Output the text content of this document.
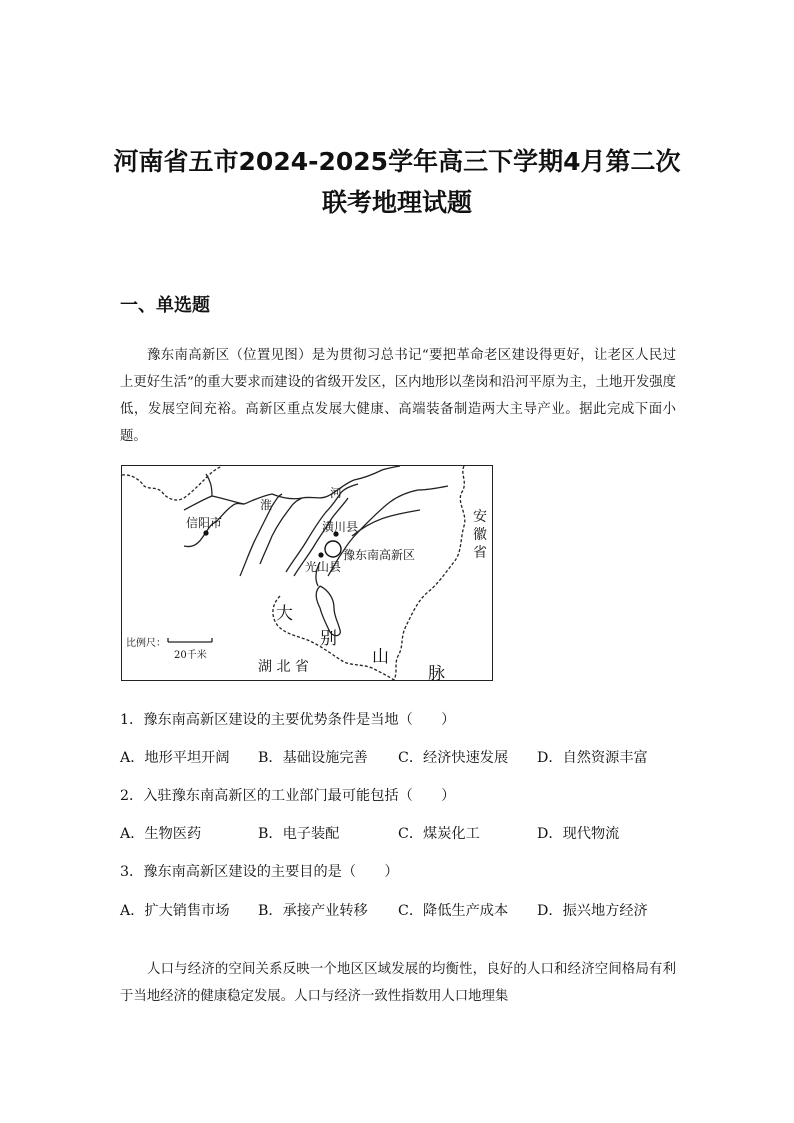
河南省五市2024-2025学年高三下学期4月第二次
联考地理试题
一、单选题
豫东南高新区（位置见图）是为贯彻习总书记“要把革命老区建设得更好，让老区人民过上更好生活”的重大要求而建设的省级开发区，区内地形以垄岗和沿河平原为主，土地开发强度低，发展空间充裕。高新区重点发展大健康、高端装备制造两大主导产业。据此完成下面小题。
淮
河
信阳市	潢川县
豫东南高新区
光山县
安徽省
大
别
山
脉
湖 北 省
比例尺：
20千米
1．豫东南高新区建设的主要优势条件是当地（　　）
A．地形平坦开阔 B．基础设施完善 C．经济快速发展 D．自然资源丰富
2．入驻豫东南高新区的工业部门最可能包括（　　）
A．生物医药	B．电子装配	C．煤炭化工	D．现代物流
3．豫东南高新区建设的主要目的是（　　）
A．扩大销售市场 B．承接产业转移 C．降低生产成本 D．振兴地方经济
人口与经济的空间关系反映一个地区区域发展的均衡性，良好的人口和经济空间格局有利于当地经济的健康稳定发展。人口与经济一致性指数用人口地理集
